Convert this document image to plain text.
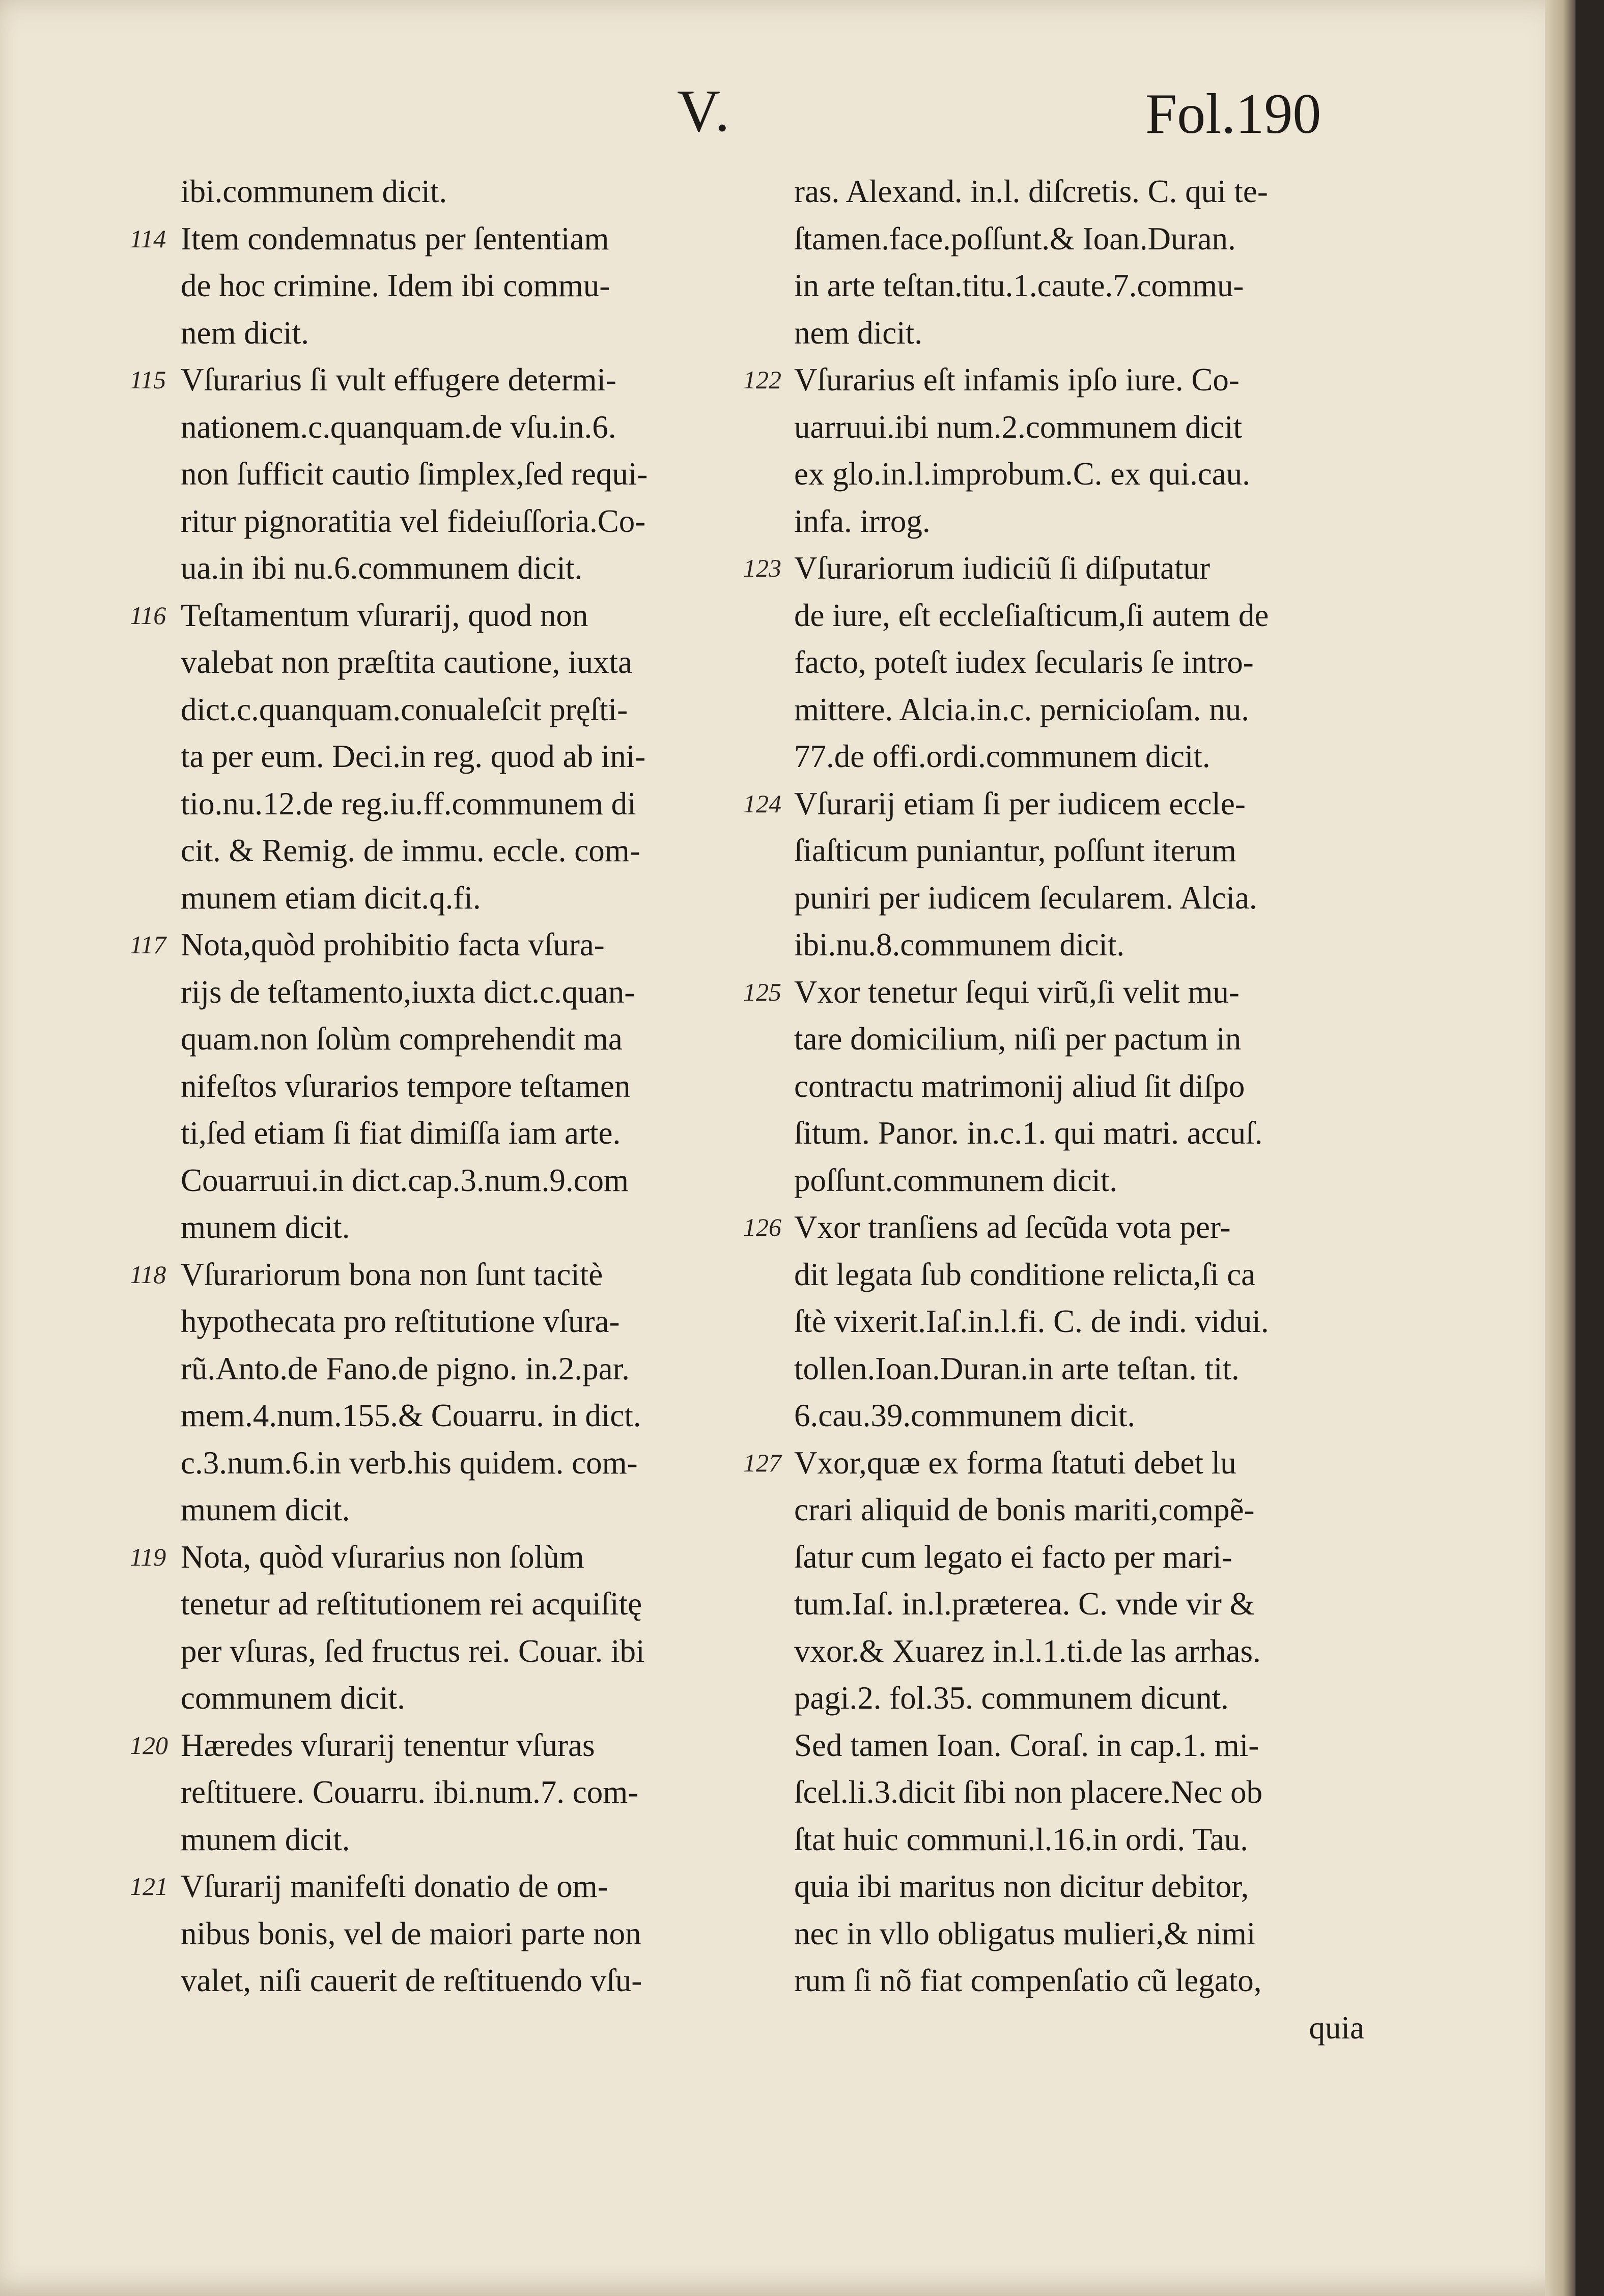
V.	Fol.190
ibi.communem dicit.
114 Item condemnatus per ſententiam
de hoc crimine. Idem ibi commu-
nem dicit.
115 Vſurarius ſi vult effugere determi-
nationem.c.quanquam.de vſu.in.6.
non ſufficit cautio ſimplex,ſed requi-
ritur pignoratitia vel fideiuſſoria.Co-
ua.in ibi nu.6.communem dicit.
116 Teſtamentum vſurarij, quod non
valebat non præſtita cautione, iuxta
dict.c.quanquam.conualeſcit pręſti-
ta per eum. Deci.in reg. quod ab ini-
tio.nu.12.de reg.iu.ff.communem di
cit. & Remig. de immu. eccle. com-
munem etiam dicit.q.fi.
117 Nota,quòd prohibitio facta vſura-
rijs de teſtamento,iuxta dict.c.quan-
quam.non ſolùm comprehendit ma
nifeſtos vſurarios tempore teſtamen
ti,ſed etiam ſi fiat dimiſſa iam arte.
Couarruui.in dict.cap.3.num.9.com
munem dicit.
118 Vſurariorum bona non ſunt tacitè
hypothecata pro reſtitutione vſura-
rũ.Anto.de Fano.de pigno. in.2.par.
mem.4.num.155.& Couarru. in dict.
c.3.num.6.in verb.his quidem. com-
munem dicit.
119 Nota, quòd vſurarius non ſolùm
tenetur ad reſtitutionem rei acquiſitę
per vſuras, ſed fructus rei. Couar. ibi
communem dicit.
120 Hæredes vſurarij tenentur vſuras
reſtituere. Couarru. ibi.num.7. com-
munem dicit.
121 Vſurarij manifeſti donatio de om-
nibus bonis, vel de maiori parte non
valet, niſi cauerit de reſtituendo vſu-
ras. Alexand. in.l. diſcretis. C. qui te-
ſtamen.face.poſſunt.& Ioan.Duran.
in arte teſtan.titu.1.caute.7.commu-
nem dicit.
122 Vſurarius eſt infamis ipſo iure. Co-
uarruui.ibi num.2.communem dicit
ex glo.in.l.improbum.C. ex qui.cau.
infa. irrog.
123 Vſurariorum iudiciũ ſi diſputatur
de iure, eſt eccleſiaſticum,ſi autem de
facto, poteſt iudex ſecularis ſe intro-
mittere. Alcia.in.c. pernicioſam. nu.
77.de offi.ordi.communem dicit.
124 Vſurarij etiam ſi per iudicem eccle-
ſiaſticum puniantur, poſſunt iterum
puniri per iudicem ſecularem. Alcia.
ibi.nu.8.communem dicit.
125 Vxor tenetur ſequi virũ,ſi velit mu-
tare domicilium, niſi per pactum in
contractu matrimonij aliud ſit diſpo
ſitum. Panor. in.c.1. qui matri. accuſ.
poſſunt.communem dicit.
126 Vxor tranſiens ad ſecũda vota per-
dit legata ſub conditione relicta,ſi ca
ſtè vixerit.Iaſ.in.l.fi. C. de indi. vidui.
tollen.Ioan.Duran.in arte teſtan. tit.
6.cau.39.communem dicit.
127 Vxor,quæ ex forma ſtatuti debet lu
crari aliquid de bonis mariti,compẽ-
ſatur cum legato ei facto per mari-
tum.Iaſ. in.l.præterea. C. vnde vir &
vxor.& Xuarez in.l.1.ti.de las arrhas.
pagi.2. fol.35. communem dicunt.
Sed tamen Ioan. Coraſ. in cap.1. mi-
ſcel.li.3.dicit ſibi non placere.Nec ob
ſtat huic communi.l.16.in ordi. Tau.
quia ibi maritus non dicitur debitor,
nec in vllo obligatus mulieri,& nimi
rum ſi nõ fiat compenſatio cũ legato,
quia
